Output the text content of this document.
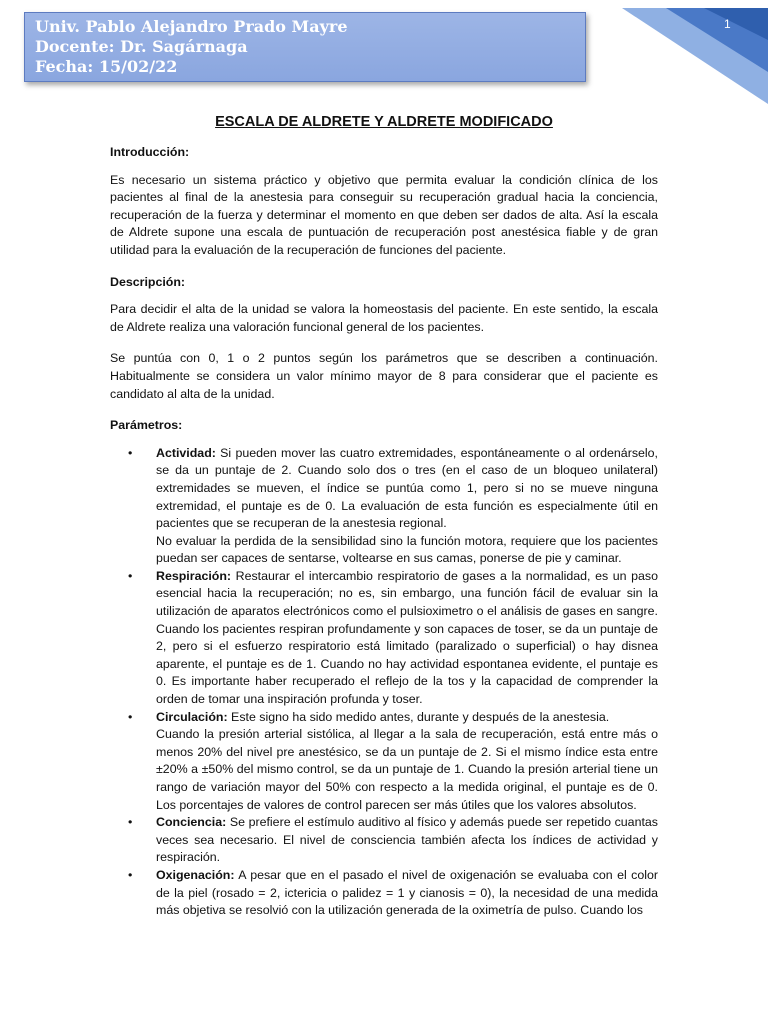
Univ. Pablo Alejandro Prado Mayre
Docente: Dr. Sagárnaga
Fecha: 15/02/22
1
ESCALA DE ALDRETE Y ALDRETE MODIFICADO

Introducción:

Es necesario un sistema práctico y objetivo que permita evaluar la condición clínica de los pacientes al final de la anestesia para conseguir su recuperación gradual hacia la conciencia, recuperación de la fuerza y determinar el momento en que deben ser dados de alta. Así la escala de Aldrete supone una escala de puntuación de recuperación post anestésica fiable y de gran utilidad para la evaluación de la recuperación de funciones del paciente.

Descripción:

Para decidir el alta de la unidad se valora la homeostasis del paciente. En este sentido, la escala de Aldrete realiza una valoración funcional general de los pacientes.

Se puntúa con 0, 1 o 2 puntos según los parámetros que se describen a continuación. Habitualmente se considera un valor mínimo mayor de 8 para considerar que el paciente es candidato al alta de la unidad.

Parámetros:

• Actividad: Si pueden mover las cuatro extremidades, espontáneamente o al ordenárselo, se da un puntaje de 2. Cuando solo dos o tres (en el caso de un bloqueo unilateral) extremidades se mueven, el índice se puntúa como 1, pero si no se mueve ninguna extremidad, el puntaje es de 0. La evaluación de esta función es especialmente útil en pacientes que se recuperan de la anestesia regional.
No evaluar la perdida de la sensibilidad sino la función motora, requiere que los pacientes puedan ser capaces de sentarse, voltearse en sus camas, ponerse de pie y caminar.
• Respiración: Restaurar el intercambio respiratorio de gases a la normalidad, es un paso esencial hacia la recuperación; no es, sin embargo, una función fácil de evaluar sin la utilización de aparatos electrónicos como el pulsioximetro o el análisis de gases en sangre. Cuando los pacientes respiran profundamente y son capaces de toser, se da un puntaje de 2, pero si el esfuerzo respiratorio está limitado (paralizado o superficial) o hay disnea aparente, el puntaje es de 1. Cuando no hay actividad espontanea evidente, el puntaje es 0. Es importante haber recuperado el reflejo de la tos y la capacidad de comprender la orden de tomar una inspiración profunda y toser.
• Circulación: Este signo ha sido medido antes, durante y después de la anestesia.
Cuando la presión arterial sistólica, al llegar a la sala de recuperación, está entre más o menos 20% del nivel pre anestésico, se da un puntaje de 2. Si el mismo índice esta entre ±20% a ±50% del mismo control, se da un puntaje de 1. Cuando la presión arterial tiene un rango de variación mayor del 50% con respecto a la medida original, el puntaje es de 0. Los porcentajes de valores de control parecen ser más útiles que los valores absolutos.
• Conciencia: Se prefiere el estímulo auditivo al físico y además puede ser repetido cuantas veces sea necesario. El nivel de consciencia también afecta los índices de actividad y respiración.
• Oxigenación: A pesar que en el pasado el nivel de oxigenación se evaluaba con el color de la piel (rosado = 2, ictericia o palidez = 1 y cianosis = 0), la necesidad de una medida más objetiva se resolvió con la utilización generada de la oximetría de pulso. Cuando los
